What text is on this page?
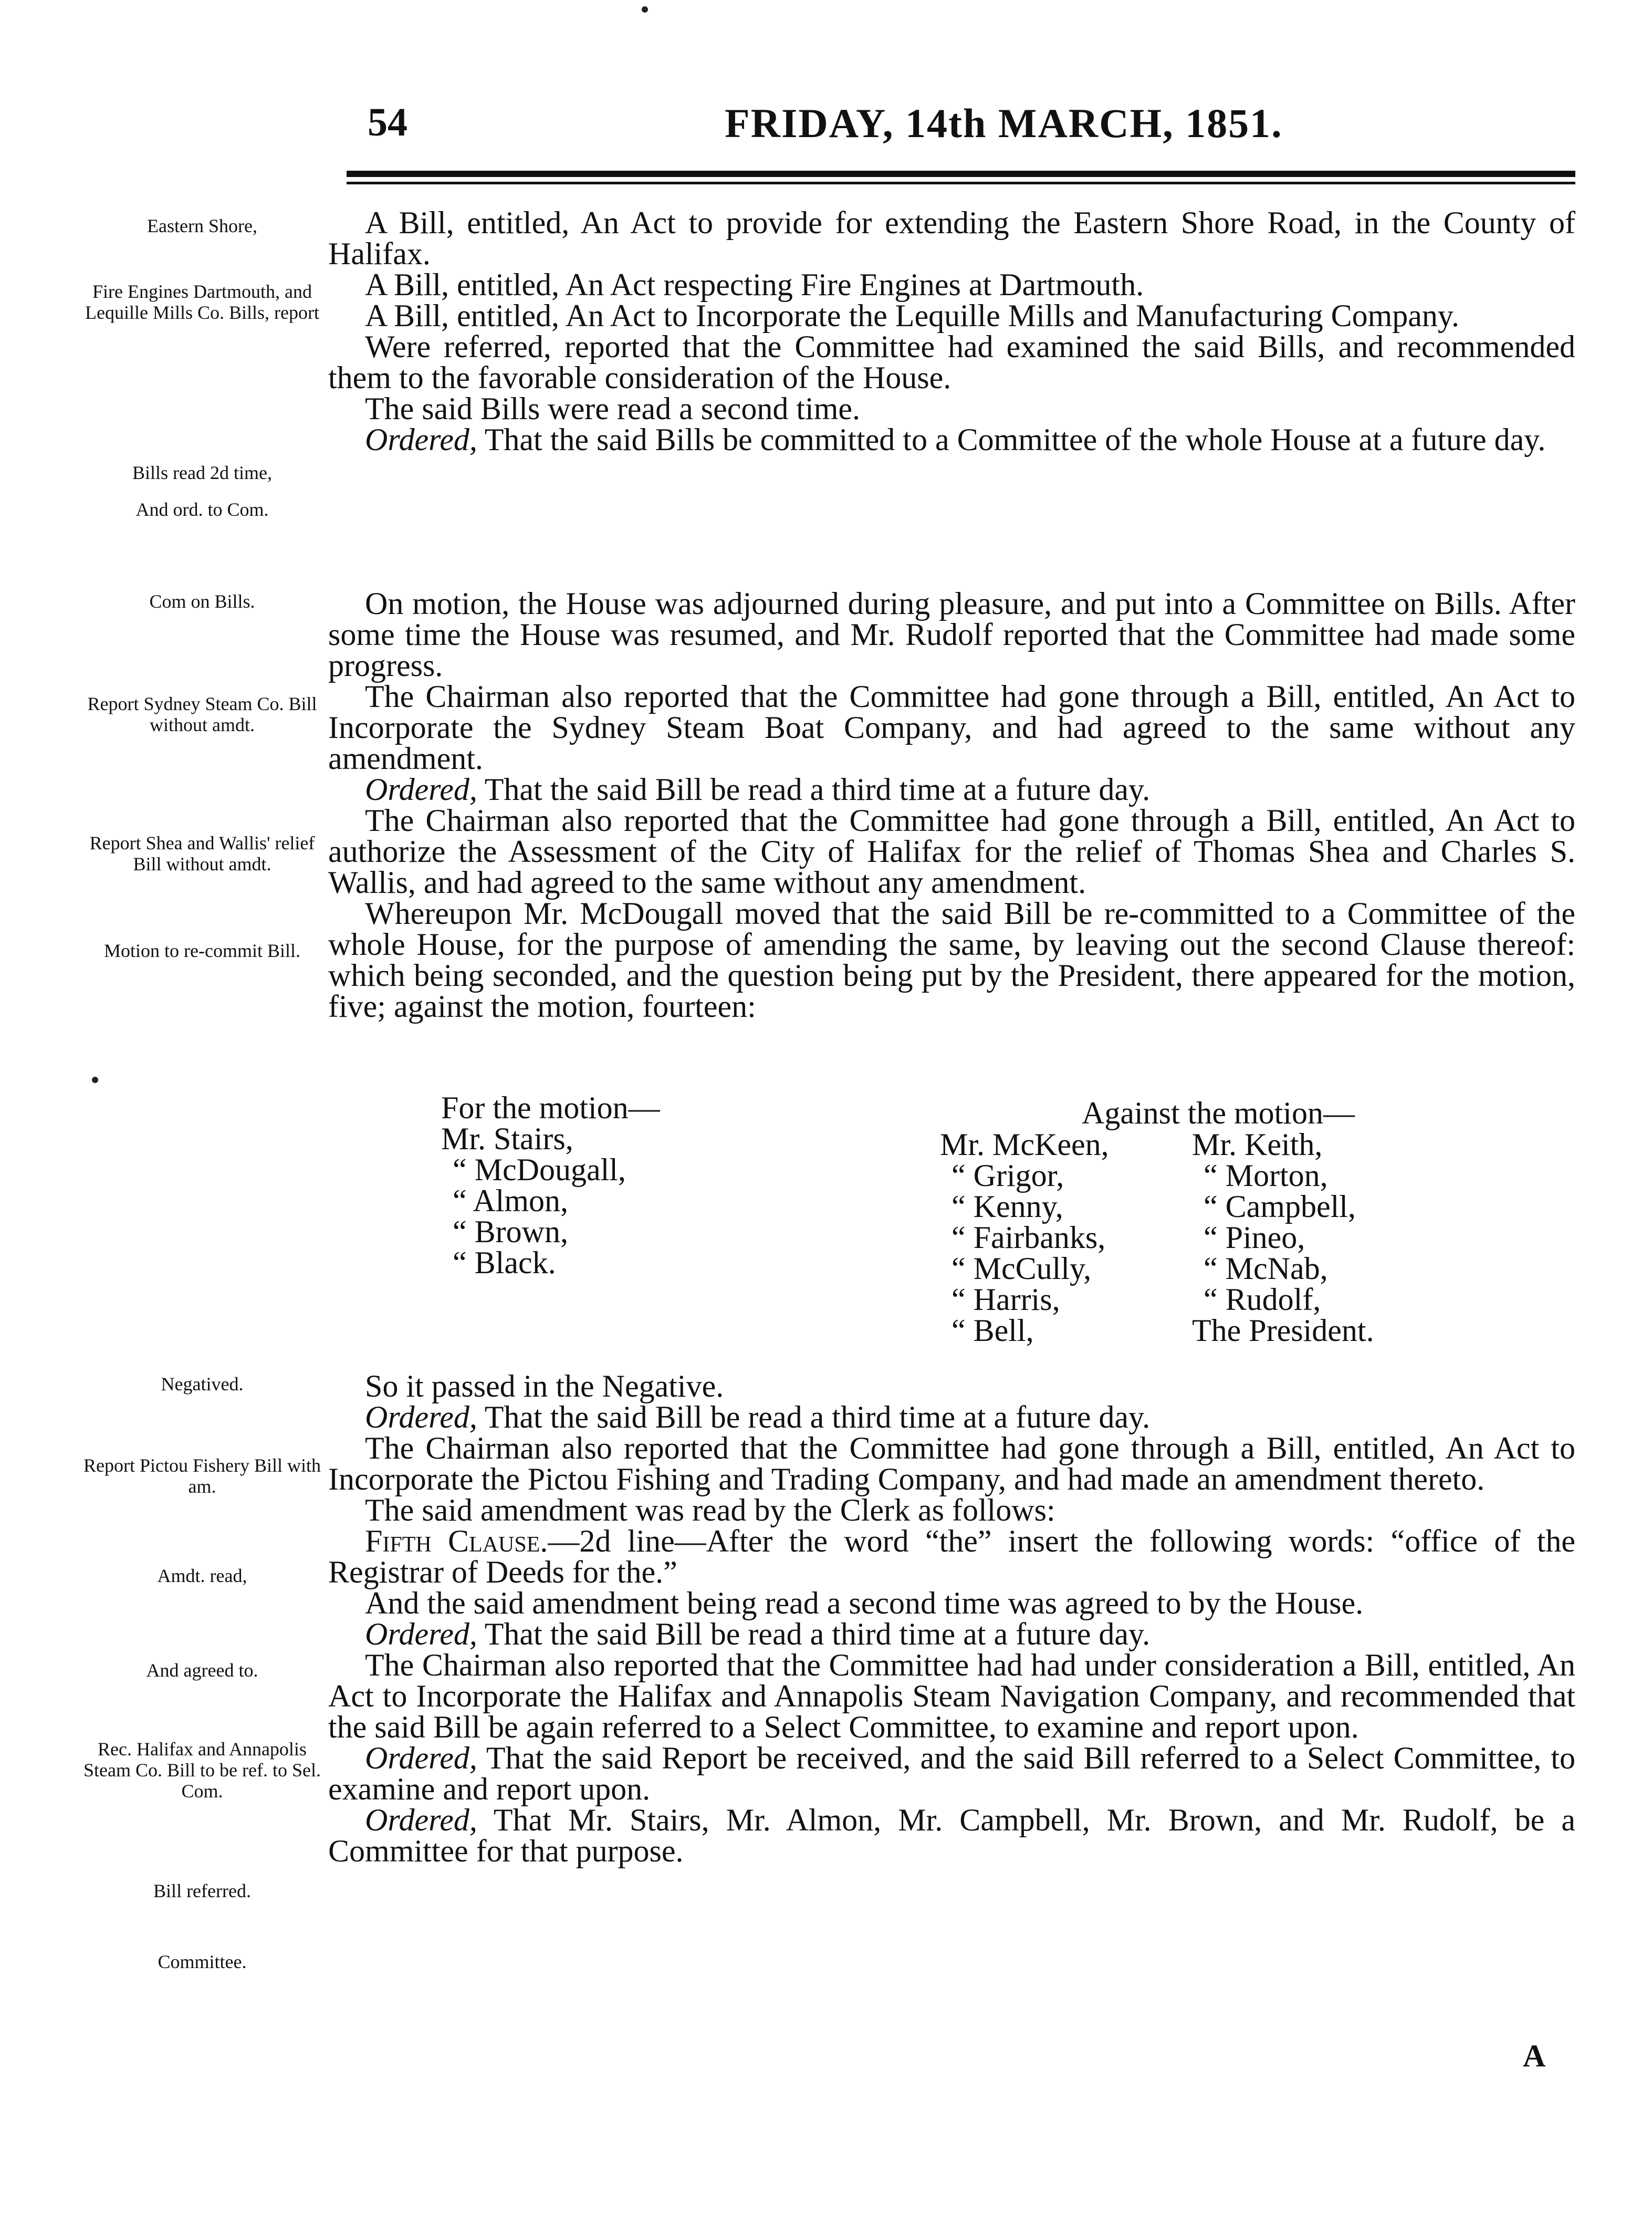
54	FRIDAY, 14th MARCH, 1851.
Eastern Shore,
Fire Engines Dartmouth, and Lequille Mills Co. Bills, report
Bills read 2d time,
And ord. to Com.
Com on Bills.
Report Sydney Steam Co. Bill without amdt.
Report Shea and Wallis' relief Bill without amdt.
Motion to re-commit Bill.
Negatived.
Report Pictou Fishery Bill with am.
Amdt. read,
And agreed to.
Rec. Halifax and Annapolis Steam Co. Bill to be ref. to Sel. Com.
Bill referred.
Committee.

A Bill, entitled, An Act to provide for extending the Eastern Shore Road, in the County of Halifax.

A Bill, entitled, An Act respecting Fire Engines at Dartmouth.

A Bill, entitled, An Act to Incorporate the Lequille Mills and Manufacturing Company.

Were referred, reported that the Committee had examined the said Bills, and recommended them to the favorable consideration of the House.

The said Bills were read a second time.

Ordered, That the said Bills be committed to a Committee of the whole House at a future day.

On motion, the House was adjourned during pleasure, and put into a Committee on Bills. After some time the House was resumed, and Mr. Rudolf reported that the Committee had made some progress.

The Chairman also reported that the Committee had gone through a Bill, entitled, An Act to Incorporate the Sydney Steam Boat Company, and had agreed to the same without any amendment.

Ordered, That the said Bill be read a third time at a future day.

The Chairman also reported that the Committee had gone through a Bill, entitled, An Act to authorize the Assessment of the City of Halifax for the relief of Thomas Shea and Charles S. Wallis, and had agreed to the same without any amendment.

Whereupon Mr. McDougall moved that the said Bill be re-committed to a Committee of the whole House, for the purpose of amending the same, by leaving out the second Clause thereof: which being seconded, and the question being put by the President, there appeared for the motion, five; against the motion, fourteen:

For the motion—
Mr. Stairs,
“ McDougall,
“ Almon,
“ Brown,
“ Black.
Against the motion—
Mr. McKeen,
“ Grigor,
“ Kenny,
“ Fairbanks,
“ McCully,
“ Harris,
“ Bell,
Mr. Keith,
“ Morton,
“ Campbell,
“ Pineo,
“ McNab,
“ Rudolf,
The President.

So it passed in the Negative.

Ordered, That the said Bill be read a third time at a future day.

The Chairman also reported that the Committee had gone through a Bill, entitled, An Act to Incorporate the Pictou Fishing and Trading Company, and had made an amendment thereto.

The said amendment was read by the Clerk as follows:

Fifth Clause.—2d line—After the word “the” insert the following words: “office of the Registrar of Deeds for the.”

And the said amendment being read a second time was agreed to by the House.

Ordered, That the said Bill be read a third time at a future day.

The Chairman also reported that the Committee had had under consideration a Bill, entitled, An Act to Incorporate the Halifax and Annapolis Steam Navigation Company, and recommended that the said Bill be again referred to a Select Committee, to examine and report upon.

Ordered, That the said Report be received, and the said Bill referred to a Select Committee, to examine and report upon.

Ordered, That Mr. Stairs, Mr. Almon, Mr. Campbell, Mr. Brown, and Mr. Rudolf, be a Committee for that purpose.

A
